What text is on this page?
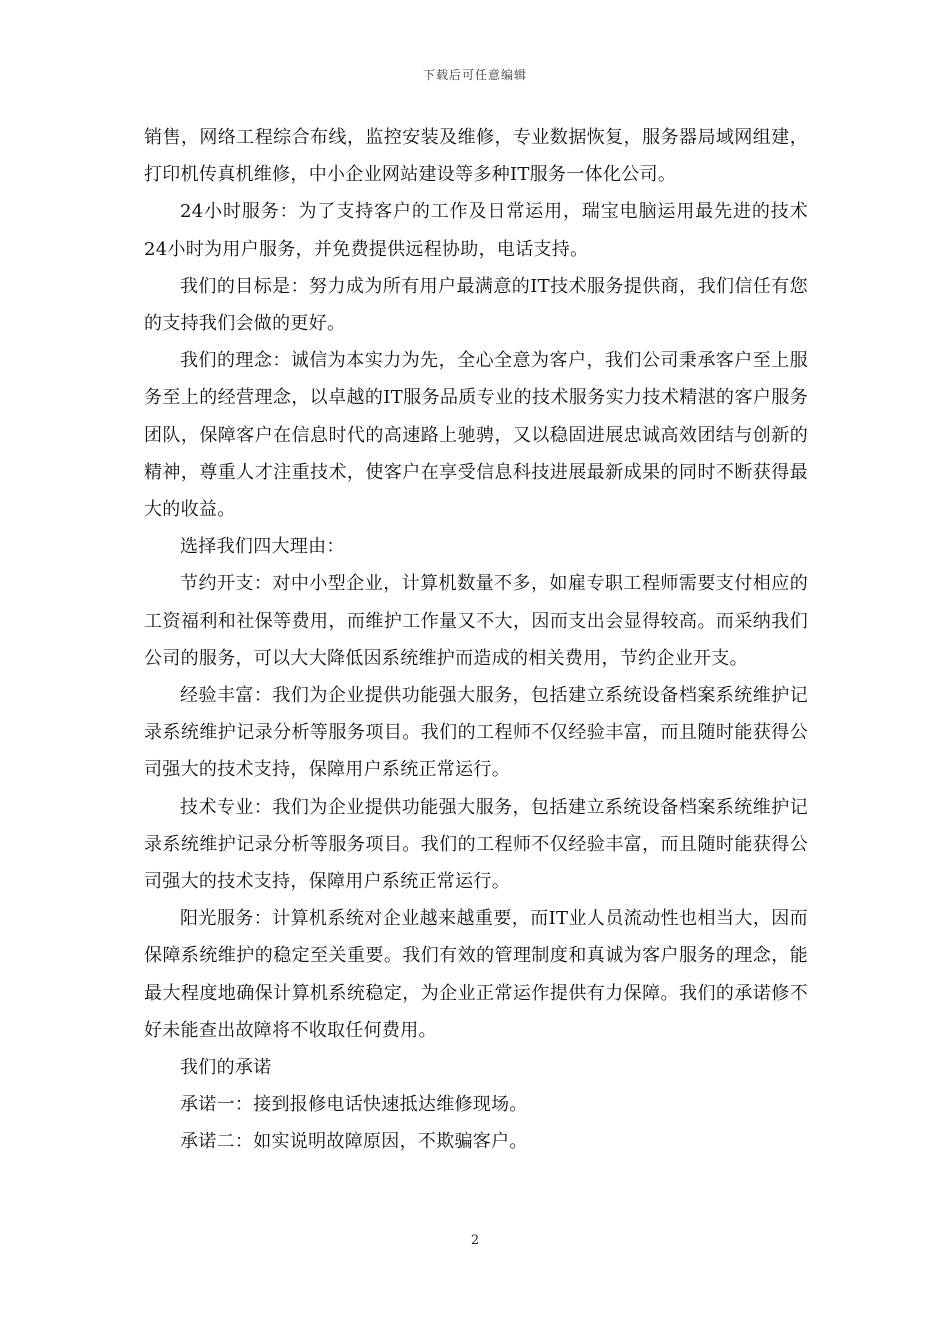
下载后可任意编辑

销售，网络工程综合布线，监控安装及维修，专业数据恢复，服务器局域网组建，打印机传真机维修，中小企业网站建设等多种IT服务一体化公司。

24小时服务：为了支持客户的工作及日常运用，瑞宝电脑运用最先进的技术24小时为用户服务，并免费提供远程协助，电话支持。

我们的目标是：努力成为所有用户最满意的IT技术服务提供商，我们信任有您的支持我们会做的更好。

我们的理念：诚信为本实力为先，全心全意为客户，我们公司秉承客户至上服务至上的经营理念，以卓越的IT服务品质专业的技术服务实力技术精湛的客户服务团队，保障客户在信息时代的高速路上驰骋，又以稳固进展忠诚高效团结与创新的精神，尊重人才注重技术，使客户在享受信息科技进展最新成果的同时不断获得最大的收益。

选择我们四大理由：

节约开支：对中小型企业，计算机数量不多，如雇专职工程师需要支付相应的工资福利和社保等费用，而维护工作量又不大，因而支出会显得较高。而采纳我们公司的服务，可以大大降低因系统维护而造成的相关费用，节约企业开支。

经验丰富：我们为企业提供功能强大服务，包括建立系统设备档案系统维护记录系统维护记录分析等服务项目。我们的工程师不仅经验丰富，而且随时能获得公司强大的技术支持，保障用户系统正常运行。

技术专业：我们为企业提供功能强大服务，包括建立系统设备档案系统维护记录系统维护记录分析等服务项目。我们的工程师不仅经验丰富，而且随时能获得公司强大的技术支持，保障用户系统正常运行。

阳光服务：计算机系统对企业越来越重要，而IT业人员流动性也相当大，因而保障系统维护的稳定至关重要。我们有效的管理制度和真诚为客户服务的理念，能最大程度地确保计算机系统稳定，为企业正常运作提供有力保障。我们的承诺修不好未能查出故障将不收取任何费用。

我们的承诺

承诺一：接到报修电话快速抵达维修现场。

承诺二：如实说明故障原因，不欺骗客户。

2
